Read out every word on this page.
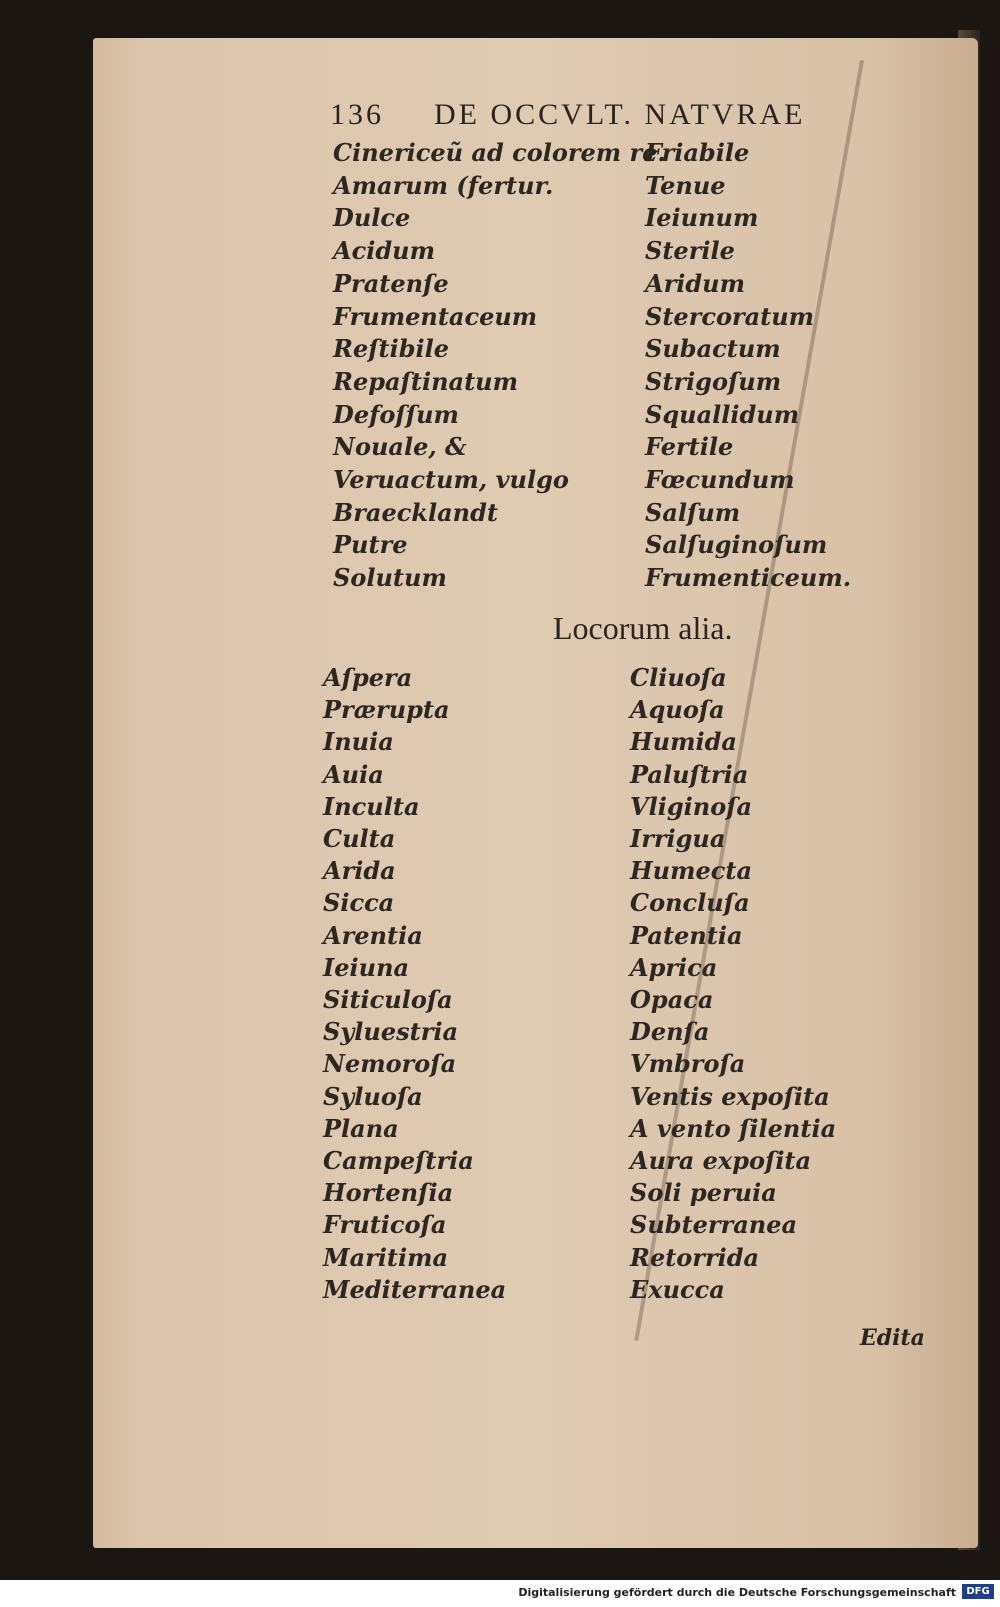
136 DE OCCVLT. NATVRAE
Cinericeũ ad colorem re.
Amarum (fertur.
Dulce
Acidum
Pratenſe
Frumentaceum
Reſtibile
Repaſtinatum
Defoſſum
Nouale, &
Veruactum, vulgo
Braecklandt
Putre
Solutum
Friabile
Tenue
Ieiunum
Sterile
Aridum
Stercoratum
Subactum
Strigoſum
Squallidum
Fertile
Fœcundum
Salſum
Salſuginoſum
Frumenticeum.
Locorum alia.
Aſpera
Prærupta
Inuia
Auia
Inculta
Culta
Arida
Sicca
Arentia
Ieiuna
Siticuloſa
Syluestria
Nemoroſa
Syluoſa
Plana
Campeſtria
Hortenſia
Fruticoſa
Maritima
Mediterranea
Cliuoſa
Aquoſa
Humida
Paluſtria
Vliginoſa
Irrigua
Humecta
Concluſa
Patentia
Aprica
Opaca
Denſa
Vmbroſa
Ventis expoſita
A vento ſilentia
Aura expoſita
Soli peruia
Subterranea
Retorrida
Exucca
Edita
Digitalisierung gefördert durch die Deutsche Forschungsgemeinschaft	DFG
